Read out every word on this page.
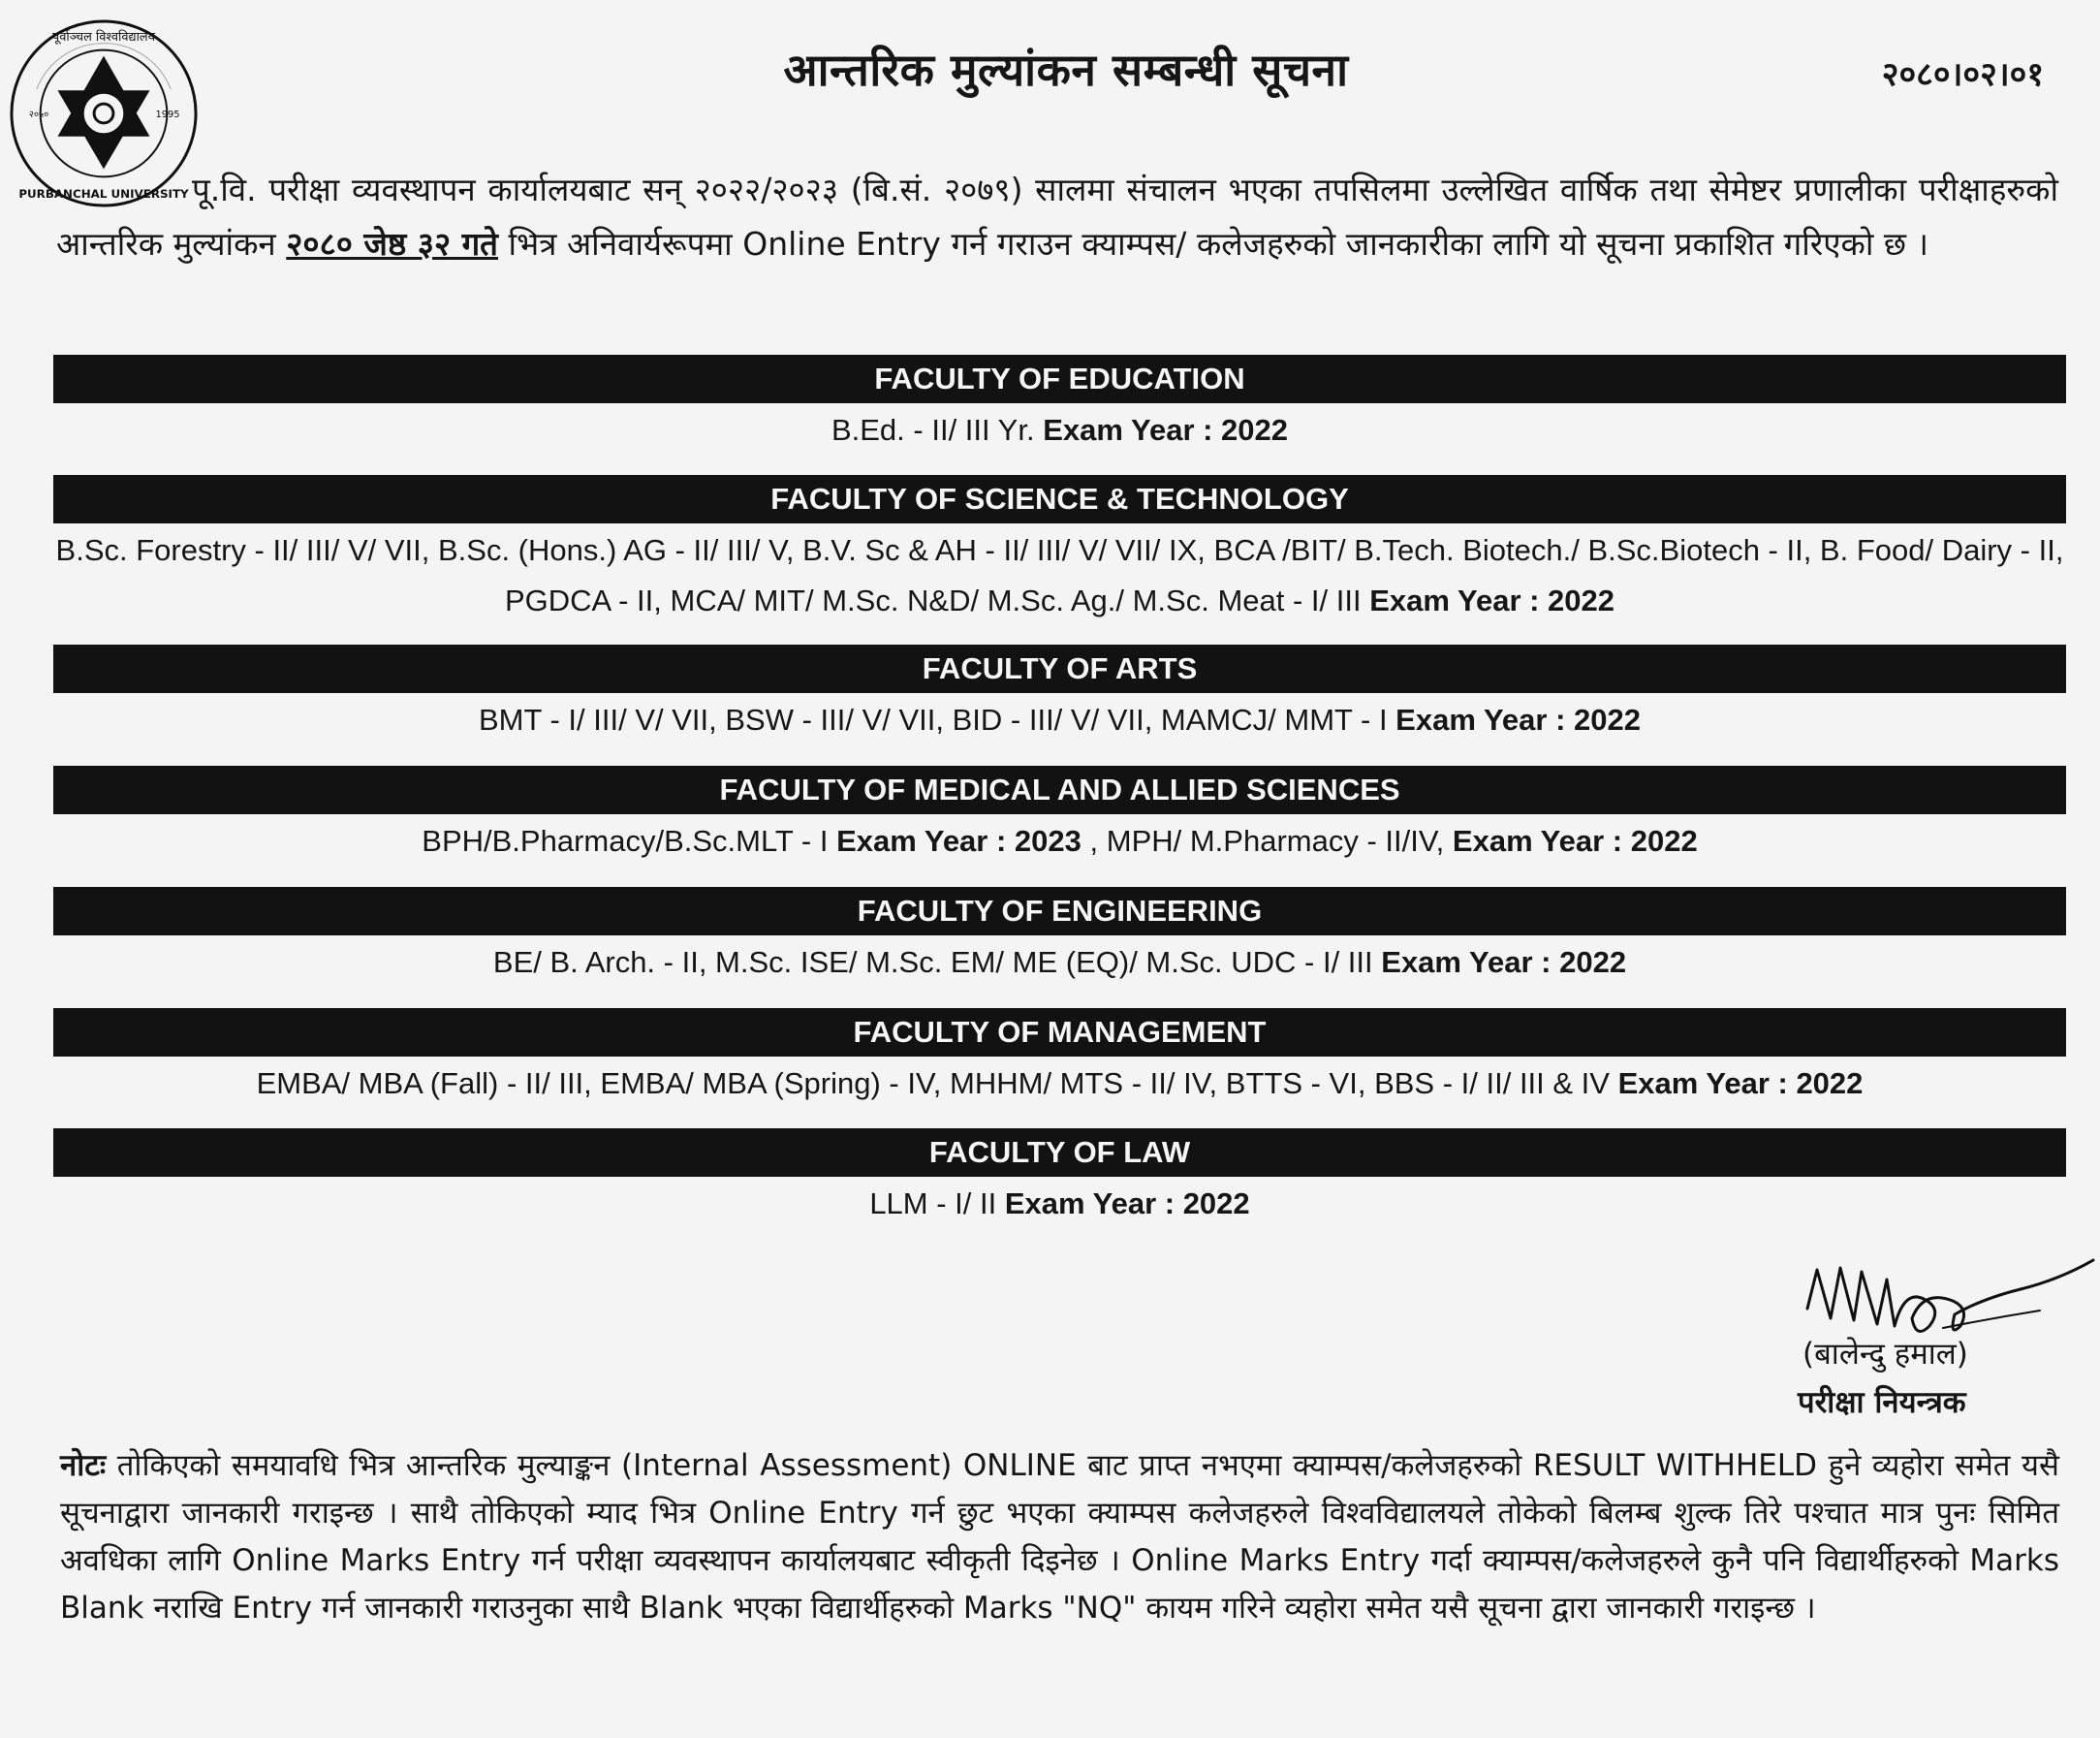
पूर्वाञ्चल विश्वविद्यालय
PURBANCHAL UNIVERSITY
२०५०	1995
आन्तरिक मुल्यांकन सम्बन्धी सूचना	२०८०।०२।०१
पू.वि. परीक्षा व्यवस्थापन कार्यालयबाट सन् २०२२/२०२३ (बि.सं. २०७९) सालमा संचालन भएका तपसिलमा उल्लेखित वार्षिक तथा सेमेष्टर प्रणालीका परीक्षाहरुको आन्तरिक मुल्यांकन २०८० जेष्ठ ३२ गते भित्र अनिवार्यरूपमा Online Entry गर्न गराउन क्याम्पस/ कलेजहरुको जानकारीका लागि यो सूचना प्रकाशित गरिएको छ ।
FACULTY OF EDUCATION
B.Ed. - II/ III Yr. Exam Year : 2022
FACULTY OF SCIENCE & TECHNOLOGY
B.Sc. Forestry - II/ III/ V/ VII, B.Sc. (Hons.) AG - II/ III/ V, B.V. Sc & AH - II/ III/ V/ VII/ IX, BCA /BIT/ B.Tech. Biotech./ B.Sc.Biotech - II, B. Food/ Dairy - II, PGDCA - II, MCA/ MIT/ M.Sc. N&D/ M.Sc. Ag./ M.Sc. Meat - I/ III Exam Year : 2022
FACULTY OF ARTS
BMT - I/ III/ V/ VII, BSW - III/ V/ VII, BID - III/ V/ VII, MAMCJ/ MMT - I Exam Year : 2022
FACULTY OF MEDICAL AND ALLIED SCIENCES
BPH/B.Pharmacy/B.Sc.MLT - I Exam Year : 2023 , MPH/ M.Pharmacy - II/IV, Exam Year : 2022
FACULTY OF ENGINEERING
BE/ B. Arch. - II, M.Sc. ISE/ M.Sc. EM/ ME (EQ)/ M.Sc. UDC - I/ III Exam Year : 2022
FACULTY OF MANAGEMENT
EMBA/ MBA (Fall) - II/ III, EMBA/ MBA (Spring) - IV, MHHM/ MTS - II/ IV, BTTS - VI, BBS - I/ II/ III & IV Exam Year : 2022
FACULTY OF LAW
LLM - I/ II Exam Year : 2022
(बालेन्दु हमाल)
परीक्षा नियन्त्रक
नोटः तोकिएको समयावधि भित्र आन्तरिक मुल्याङ्कन (Internal Assessment) ONLINE बाट प्राप्त नभएमा क्याम्पस/कलेजहरुको RESULT WITHHELD हुने व्यहोरा समेत यसै सूचनाद्वारा जानकारी गराइन्छ । साथै तोकिएको म्याद भित्र Online Entry गर्न छुट भएका क्याम्पस कलेजहरुले विश्वविद्यालयले तोकेको बिलम्ब शुल्क तिरे पश्चात मात्र पुनः सिमित अवधिका लागि Online Marks Entry गर्न परीक्षा व्यवस्थापन कार्यालयबाट स्वीकृती दिइनेछ । Online Marks Entry गर्दा क्याम्पस/कलेजहरुले कुनै पनि विद्यार्थीहरुको Marks Blank नराखि Entry गर्न जानकारी गराउनुका साथै Blank भएका विद्यार्थीहरुको Marks "NQ" कायम गरिने व्यहोरा समेत यसै सूचना द्वारा जानकारी गराइन्छ ।
